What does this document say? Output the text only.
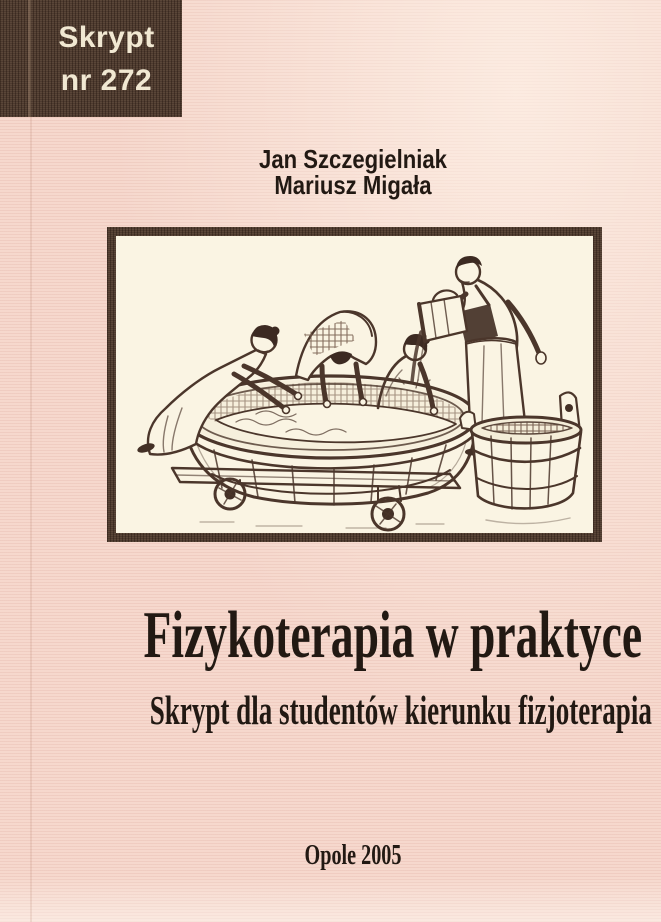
Skrypt
nr 272
Jan Szczegielniak
Mariusz Migała
Fizykoterapia w praktyce
Skrypt dla studentów kierunku fizjoterapia
Opole 2005
